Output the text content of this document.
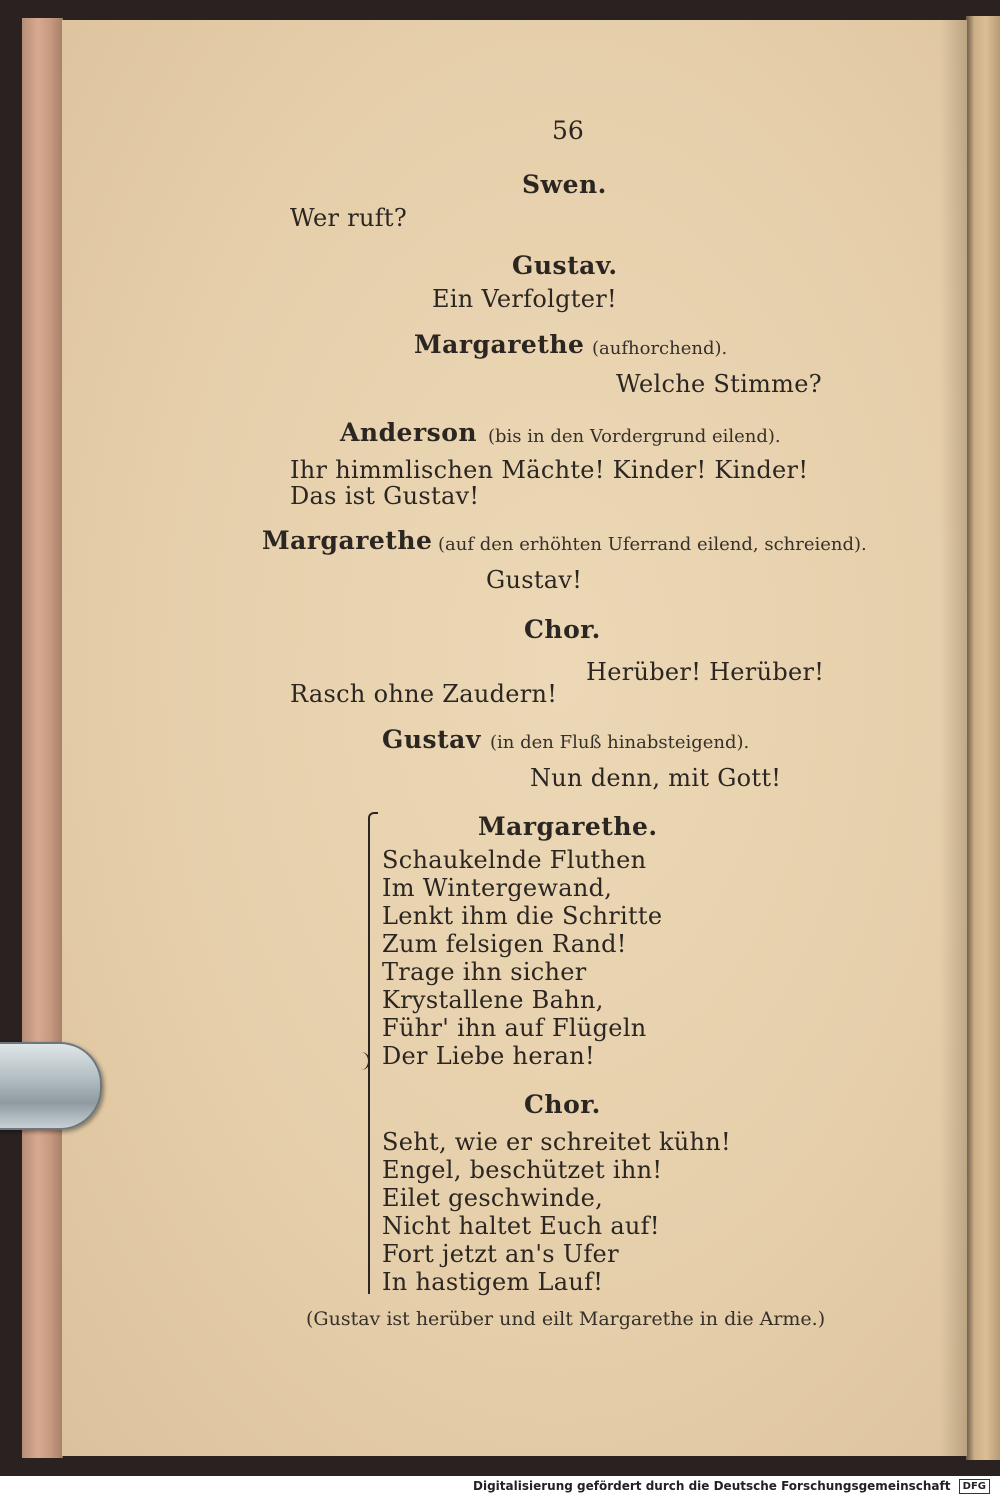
56
Swen.
Wer ruft?
Gustav.
Ein Verfolgter!
Margarethe (aufhorchend).
Welche Stimme?
Anderson (bis in den Vordergrund eilend).
Ihr himmlischen Mächte! Kinder! Kinder!
Das ist Gustav!
Margarethe (auf den erhöhten Uferrand eilend, schreiend).
Gustav!
Chor.
Herüber! Herüber!
Rasch ohne Zaudern!
Gustav (in den Fluß hinabsteigend).
Nun denn, mit Gott!
Margarethe.
Schaukelnde Fluthen
Im Wintergewand,
Lenkt ihm die Schritte
Zum felsigen Rand!
Trage ihn sicher
Krystallene Bahn,
Führ' ihn auf Flügeln
Der Liebe heran!
Chor.
Seht, wie er schreitet kühn!
Engel, beschützet ihn!
Eilet geschwinde,
Nicht haltet Euch auf!
Fort jetzt an's Ufer
In hastigem Lauf!
(Gustav ist herüber und eilt Margarethe in die Arme.)
Digitalisierung gefördert durch die Deutsche Forschungsgemeinschaft DFG
